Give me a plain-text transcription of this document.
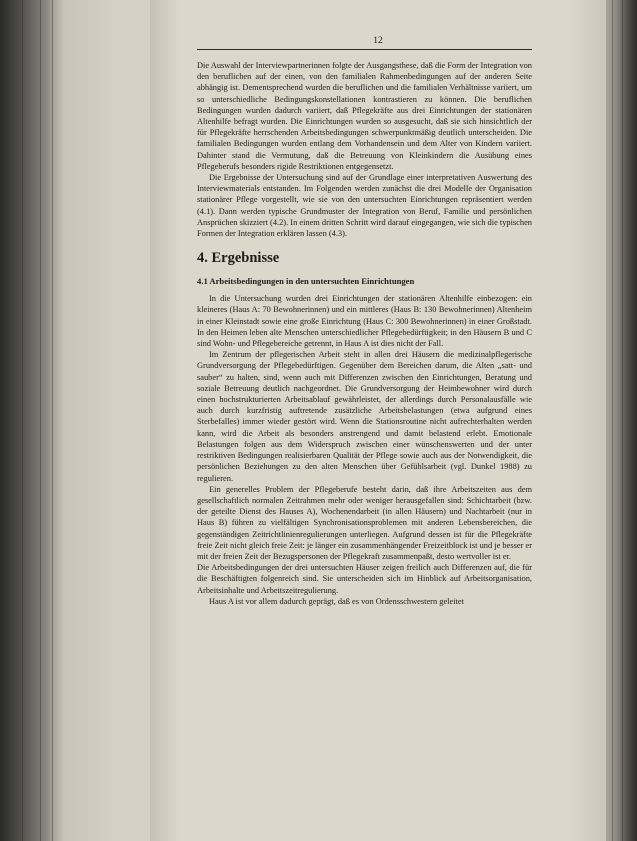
12

Die Auswahl der Interviewpartnerinnen folgte der Ausgangsthese, daß die Form der Integration von den beruflichen auf der einen, von den familialen Rahmenbedingungen auf der anderen Seite abhängig ist. Dementsprechend wurden die beruflichen und die familialen Verhältnisse variiert, um so unterschiedliche Bedingungskonstellationen kontrastieren zu können. Die beruflichen Bedingungen wurden dadurch variiert, daß Pflegekräfte aus drei Einrichtungen der stationären Altenhilfe befragt wurden. Die Einrichtungen wurden so ausgesucht, daß sie sich hinsichtlich der für Pflegekräfte herrschenden Arbeitsbedingungen schwerpunktmäßig deutlich unterscheiden. Die familialen Bedingungen wurden entlang dem Vorhandensein und dem Alter von Kindern variiert. Dahinter stand die Vermutung, daß die Betreuung von Kleinkindern die Ausübung eines Pflegeberufs besonders rigide Restriktionen entgegensetzt.

Die Ergebnisse der Untersuchung sind auf der Grundlage einer interpretativen Auswertung des Interviewmaterials entstanden. Im Folgenden werden zunächst die drei Modelle der Organisation stationärer Pflege vorgestellt, wie sie von den untersuchten Einrichtungen repräsentiert werden (4.1). Dann werden typische Grundmuster der Integration von Beruf, Familie und persönlichen Ansprüchen skizziert (4.2). In einem dritten Schritt wird darauf eingegangen, wie sich die typischen Formen der Integration erklären lassen (4.3).

4. Ergebnisse
4.1 Arbeitsbedingungen in den untersuchten Einrichtungen

In die Untersuchung wurden drei Einrichtungen der stationären Altenhilfe einbezogen: ein kleineres (Haus A: 70 Bewohnerinnen) und ein mittleres (Haus B: 130 Bewohnerinnen) Altenheim in einer Kleinstadt sowie eine große Einrichtung (Haus C: 300 Bewohnerinnen) in einer Großstadt. In den Heimen leben alte Menschen unterschiedlicher Pflegebedürftigkeit; in den Häusern B und C sind Wohn- und Pflegebereiche getrennt, in Haus A ist dies nicht der Fall.

Im Zentrum der pflegerischen Arbeit steht in allen drei Häusern die medizinalpflegerische Grundversorgung der Pflegebedürftigen. Gegenüber dem Bereichen darum, die Alten „satt- und sauber“ zu halten, sind, wenn auch mit Differenzen zwischen den Einrichtungen, Beratung und soziale Betreuung deutlich nachgeordnet. Die Grundversorgung der Heimbewohner wird durch einen hochstrukturierten Arbeitsablauf gewährleistet, der allerdings durch Personalausfälle wie auch durch kurzfristig auftretende zusätzliche Arbeitsbelastungen (etwa aufgrund eines Sterbefalles) immer wieder gestört wird. Wenn die Stationsroutine nicht aufrechterhalten werden kann, wird die Arbeit als besonders anstrengend und damit belastend erlebt. Emotionale Belastungen folgen aus dem Widerspruch zwischen einer wünschenswerten und der unter restriktiven Bedingungen realisierbaren Qualität der Pflege sowie auch aus der Notwendigkeit, die persönlichen Beziehungen zu den alten Menschen über Gefühlsarbeit (vgl. Dunkel 1988) zu regulieren.

Ein generelles Problem der Pflegeberufe besteht darin, daß ihre Arbeitszeiten aus dem gesellschaftlich normalen Zeitrahmen mehr oder weniger herausgefallen sind: Schichtarbeit (bzw. der geteilte Dienst des Hauses A), Wochenendarbeit (in allen Häusern) und Nachtarbeit (nur in Haus B) führen zu vielfältigen Synchronisationsproblemen mit anderen Lebensbereichen, die gegenständigen Zeitrichtlinienregulierungen unterliegen. Aufgrund dessen ist für die Pflegekräfte freie Zeit nicht gleich freie Zeit: je länger ein zusammenhängender Freizeitblock ist und je besser er mit der freien Zeit der Bezugspersonen der Pflegekraft zusammenpaßt, desto wertvoller ist er.

Die Arbeitsbedingungen der drei untersuchten Häuser zeigen freilich auch Differenzen auf, die für die Beschäftigten folgenreich sind. Sie unterscheiden sich im Hinblick auf Arbeitsorganisation, Arbeitsinhalte und Arbeitszeitregulierung.

Haus A ist vor allem dadurch geprägt, daß es von Ordensschwestern geleitet
